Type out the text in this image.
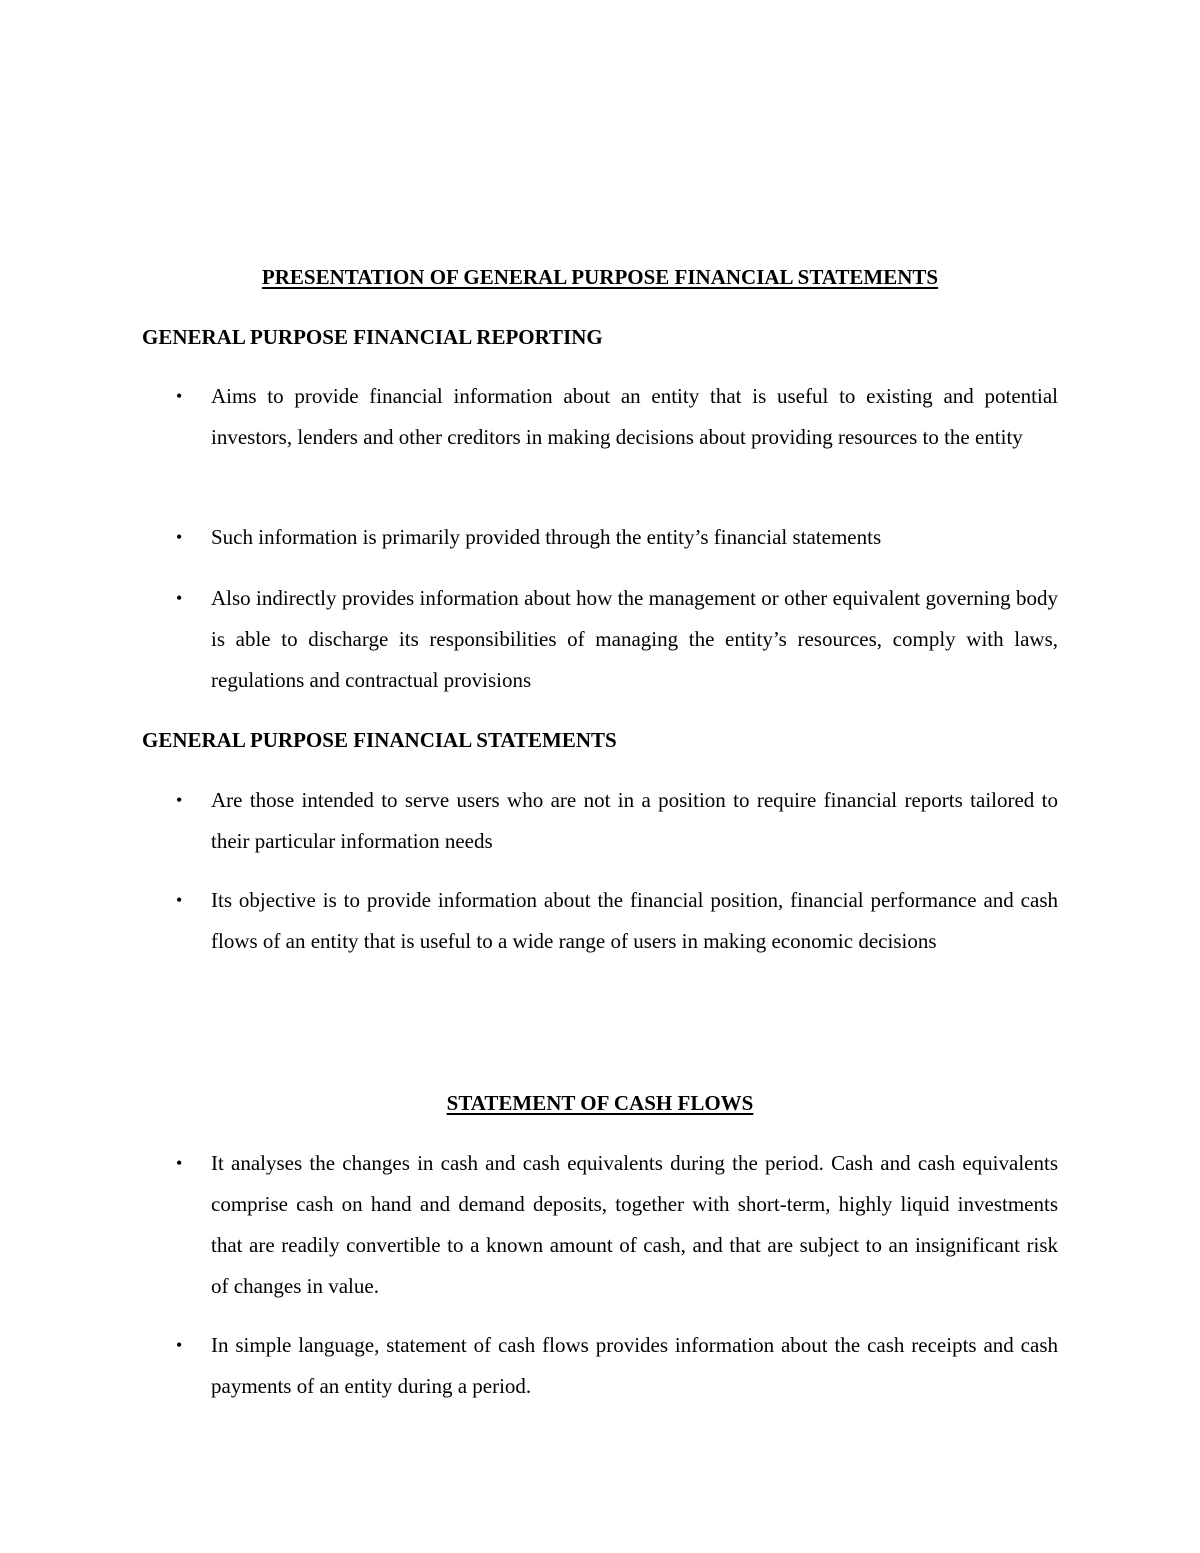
PRESENTATION OF GENERAL PURPOSE FINANCIAL STATEMENTS
GENERAL PURPOSE FINANCIAL REPORTING
• Aims to provide financial information about an entity that is useful to existing and potential investors, lenders and other creditors in making decisions about providing resources to the entity
• Such information is primarily provided through the entity’s financial statements
• Also indirectly provides information about how the management or other equivalent governing body is able to discharge its responsibilities of managing the entity’s resources, comply with laws, regulations and contractual provisions
GENERAL PURPOSE FINANCIAL STATEMENTS
• Are those intended to serve users who are not in a position to require financial reports tailored to their particular information needs
• Its objective is to provide information about the financial position, financial performance and cash flows of an entity that is useful to a wide range of users in making economic decisions
STATEMENT OF CASH FLOWS
• It analyses the changes in cash and cash equivalents during the period. Cash and cash equivalents comprise cash on hand and demand deposits, together with short-term, highly liquid investments that are readily convertible to a known amount of cash, and that are subject to an insignificant risk of changes in value.
• In simple language, statement of cash flows provides information about the cash receipts and cash payments of an entity during a period.
